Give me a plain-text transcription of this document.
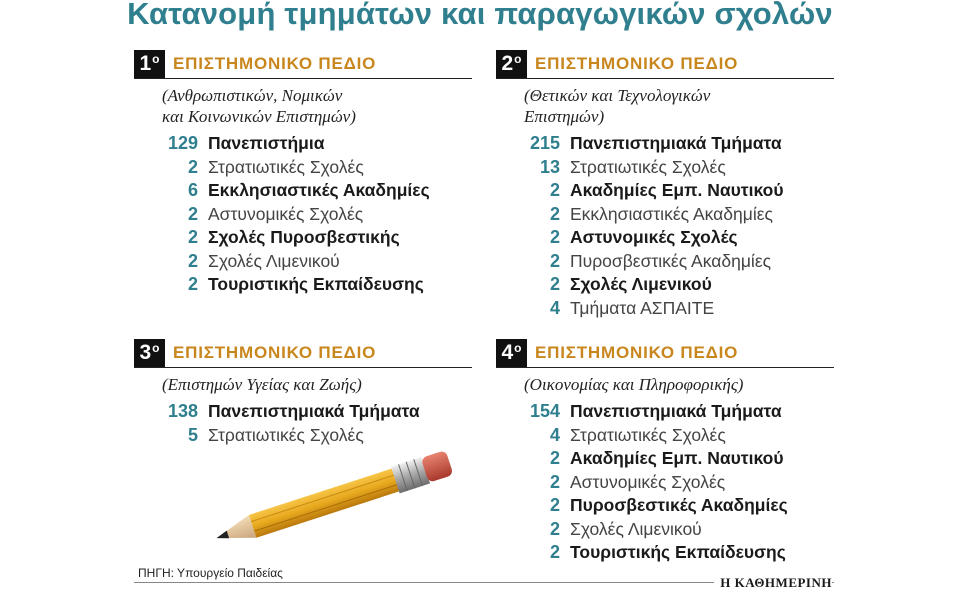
Κατανομή τμημάτων και παραγωγικών σχολών
$1^o$ ΕΠΙΣΤΗΜΟΝΙΚΟ ΠΕΔΙΟ
(Ανθρωπιστικών, Νομικών
και Κοινωνικών Επιστημών)
129 Πανεπιστήμια
2 Στρατιωτικές Σχολές
6 Εκκλησιαστικές Ακαδημίες
2 Αστυνομικές Σχολές
2 Σχολές Πυροσβεστικής
2 Σχολές Λιμενικού
2 Τουριστικής Εκπαίδευσης
$2^o$ ΕΠΙΣΤΗΜΟΝΙΚΟ ΠΕΔΙΟ
(Θετικών και Τεχνολογικών
Επιστημών)
215 Πανεπιστημιακά Τμήματα
13 Στρατιωτικές Σχολές
2 Ακαδημίες Εμπ. Ναυτικού
2 Εκκλησιαστικές Ακαδημίες
2 Αστυνομικές Σχολές
2 Πυροσβεστικές Ακαδημίες
2 Σχολές Λιμενικού
4 Τμήματα ΑΣΠΑΙΤΕ
$3^o$ ΕΠΙΣΤΗΜΟΝΙΚΟ ΠΕΔΙΟ
(Επιστημών Υγείας και Ζωής)
138 Πανεπιστημιακά Τμήματα
5 Στρατιωτικές Σχολές
$4^o$ ΕΠΙΣΤΗΜΟΝΙΚΟ ΠΕΔΙΟ
(Οικονομίας και Πληροφορικής)
154 Πανεπιστημιακά Τμήματα
4 Στρατιωτικές Σχολές
2 Ακαδημίες Εμπ. Ναυτικού
2 Αστυνομικές Σχολές
2 Πυροσβεστικές Ακαδημίες
2 Σχολές Λιμενικού
2 Τουριστικής Εκπαίδευσης
ΠΗΓΗ: Υπουργείο Παιδείας
Η ΚΑΘΗΜΕΡΙΝΗ
